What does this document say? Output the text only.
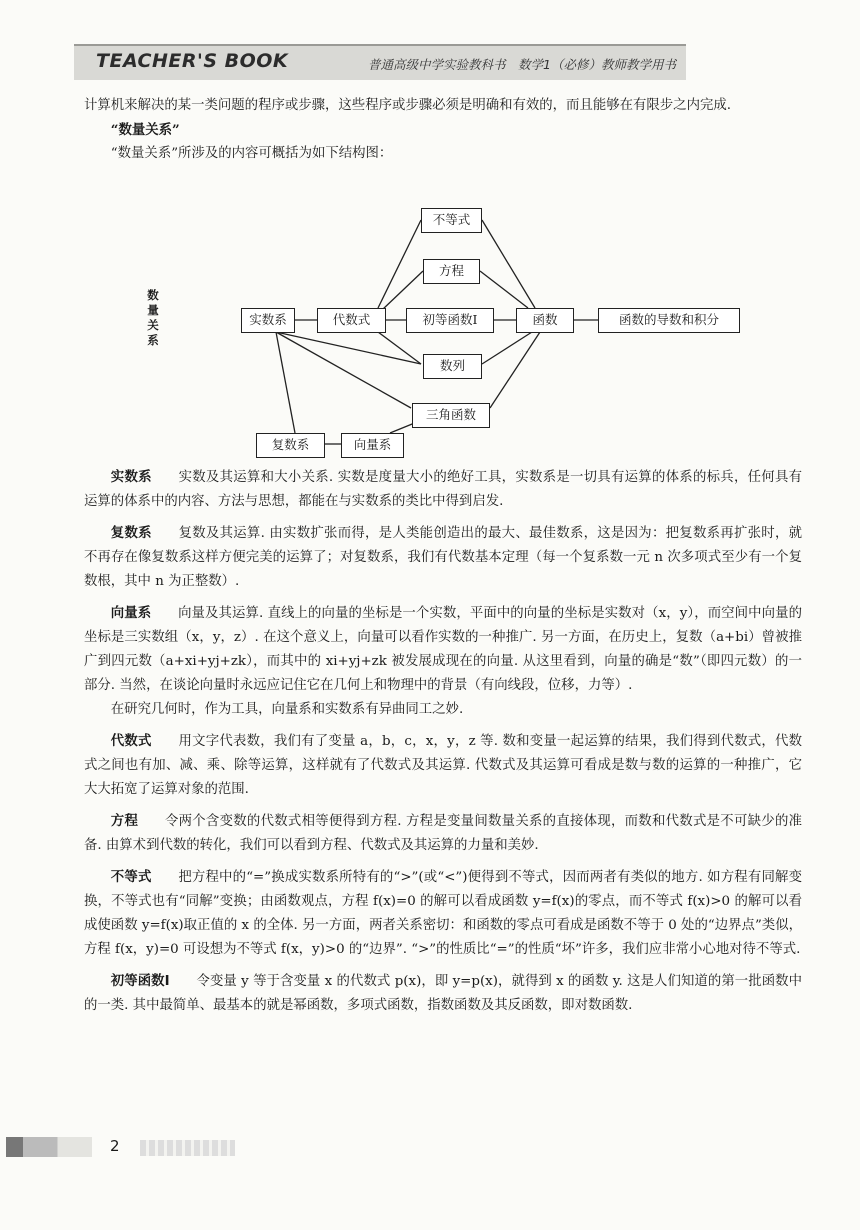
TEACHER'S BOOK	普通高级中学实验教科书　数学1（必修）教师教学用书

计算机来解决的某一类问题的程序或步骤，这些程序或步骤必须是明确和有效的，而且能够在有限步之内完成.

“数量关系”

“数量关系”所涉及的内容可概括为如下结构图：

实数系 实数及其运算和大小关系. 实数是度量大小的绝好工具，实数系是一切具有运算的体系的标兵，任何具有运算的体系中的内容、方法与思想，都能在与实数系的类比中得到启发.

复数系 复数及其运算. 由实数扩张而得，是人类能创造出的最大、最佳数系，这是因为：把复数系再扩张时，就不再存在像复数系这样方便完美的运算了；对复数系，我们有代数基本定理（每一个复系数一元 n 次多项式至少有一个复数根，其中 n 为正整数）.

向量系 向量及其运算. 直线上的向量的坐标是一个实数，平面中的向量的坐标是实数对（x，y），而空间中向量的坐标是三实数组（x，y，z）. 在这个意义上，向量可以看作实数的一种推广. 另一方面，在历史上，复数（a+bi）曾被推广到四元数（a+xi+yj+zk），而其中的 xi+yj+zk 被发展成现在的向量. 从这里看到，向量的确是“数”（即四元数）的一部分. 当然，在谈论向量时永远应记住它在几何上和物理中的背景（有向线段，位移，力等）.

在研究几何时，作为工具，向量系和实数系有异曲同工之妙.

代数式 用文字代表数，我们有了变量 a，b，c，x，y，z 等. 数和变量一起运算的结果，我们得到代数式，代数式之间也有加、减、乘、除等运算，这样就有了代数式及其运算. 代数式及其运算可看成是数与数的运算的一种推广，它大大拓宽了运算对象的范围.

方程 令两个含变数的代数式相等便得到方程. 方程是变量间数量关系的直接体现，而数和代数式是不可缺少的准备. 由算术到代数的转化，我们可以看到方程、代数式及其运算的力量和美妙.

不等式 把方程中的“=”换成实数系所特有的“>”(或“<”)便得到不等式，因而两者有类似的地方. 如方程有同解变换，不等式也有“同解”变换；由函数观点，方程 f(x)=0 的解可以看成函数 y=f(x)的零点，而不等式 f(x)>0 的解可以看成使函数 y=f(x)取正值的 x 的全体. 另一方面，两者关系密切：和函数的零点可看成是函数不等于 0 处的“边界点”类似，方程 f(x，y)=0 可设想为不等式 f(x，y)>0 的“边界”. “>”的性质比“=”的性质“坏”许多，我们应非常小心地对待不等式.

初等函数Ⅰ 令变量 y 等于含变量 x 的代数式 p(x)，即 y=p(x)，就得到 x 的函数 y. 这是人们知道的第一批函数中的一类. 其中最简单、最基本的就是幂函数，多项式函数，指数函数及其反函数，即对数函数.

数量关系
不等式
方程
实数系	代数式	初等函数I	函数	函数的导数和积分
数列
三角函数
复数系	向量系
2
